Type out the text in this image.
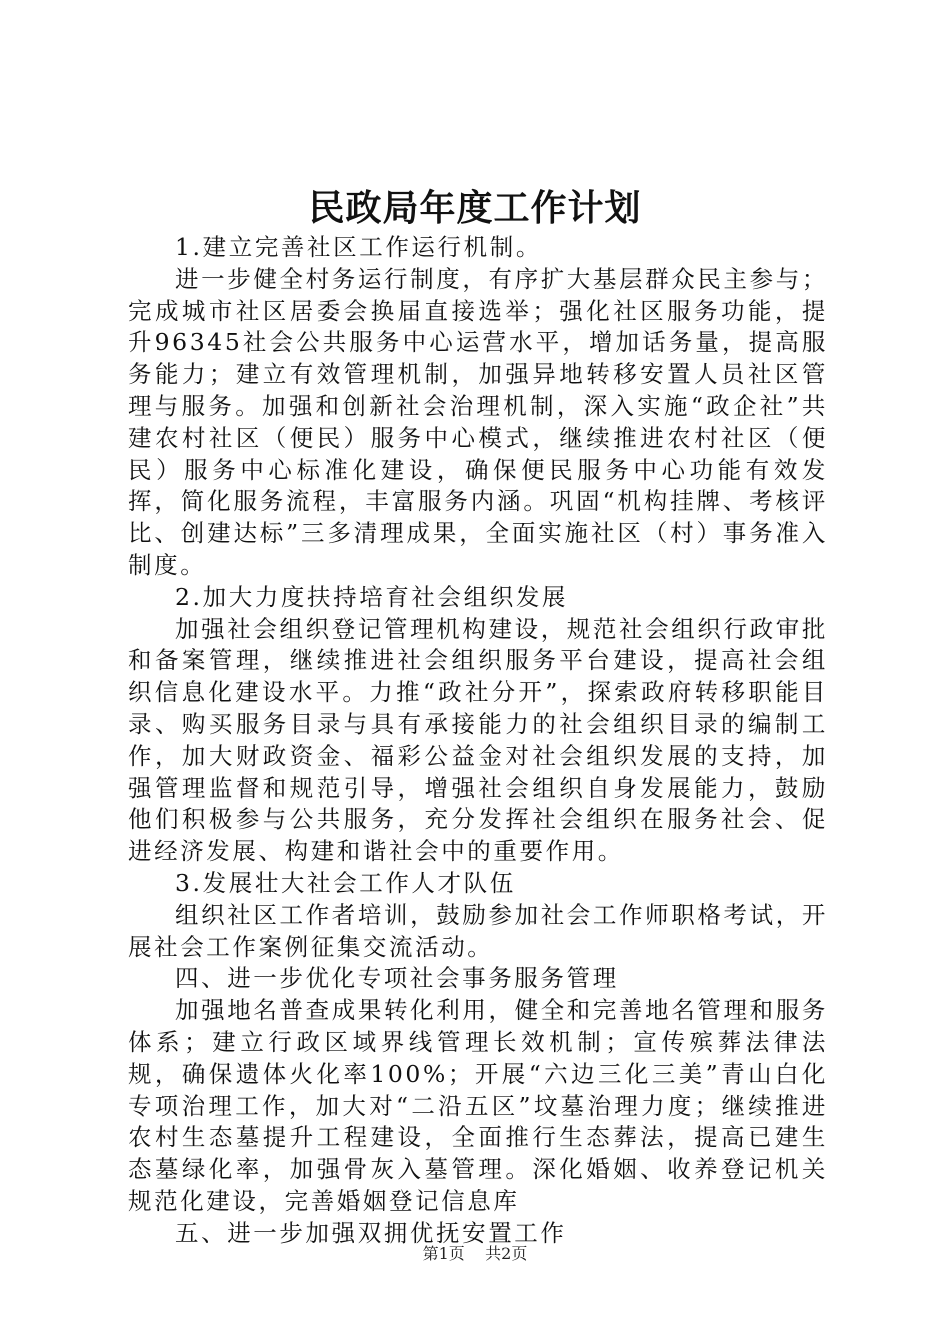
民政局年度工作计划

1.建立完善社区工作运行机制。

进一步健全村务运行制度，有序扩大基层群众民主参与；完成城市社区居委会换届直接选举；强化社区服务功能，提升96345社会公共服务中心运营水平，增加话务量，提高服务能力；建立有效管理机制，加强异地转移安置人员社区管理与服务。加强和创新社会治理机制，深入实施“政企社”共建农村社区（便民）服务中心模式，继续推进农村社区（便民）服务中心标准化建设，确保便民服务中心功能有效发挥，简化服务流程，丰富服务内涵。巩固“机构挂牌、考核评比、创建达标”三多清理成果，全面实施社区（村）事务准入制度。

2.加大力度扶持培育社会组织发展

加强社会组织登记管理机构建设，规范社会组织行政审批和备案管理，继续推进社会组织服务平台建设，提高社会组织信息化建设水平。力推“政社分开”，探索政府转移职能目录、购买服务目录与具有承接能力的社会组织目录的编制工作，加大财政资金、福彩公益金对社会组织发展的支持，加强管理监督和规范引导，增强社会组织自身发展能力，鼓励他们积极参与公共服务，充分发挥社会组织在服务社会、促进经济发展、构建和谐社会中的重要作用。

3.发展壮大社会工作人才队伍

组织社区工作者培训，鼓励参加社会工作师职格考试，开展社会工作案例征集交流活动。

四、进一步优化专项社会事务服务管理

加强地名普查成果转化利用，健全和完善地名管理和服务体系；建立行政区域界线管理长效机制；宣传殡葬法律法规，确保遗体火化率100%；开展“六边三化三美”青山白化专项治理工作，加大对“二沿五区”坟墓治理力度；继续推进农村生态墓提升工程建设，全面推行生态葬法，提高已建生态墓绿化率，加强骨灰入墓管理。深化婚姻、收养登记机关规范化建设，完善婚姻登记信息库

五、进一步加强双拥优抚安置工作

第1页 共2页
